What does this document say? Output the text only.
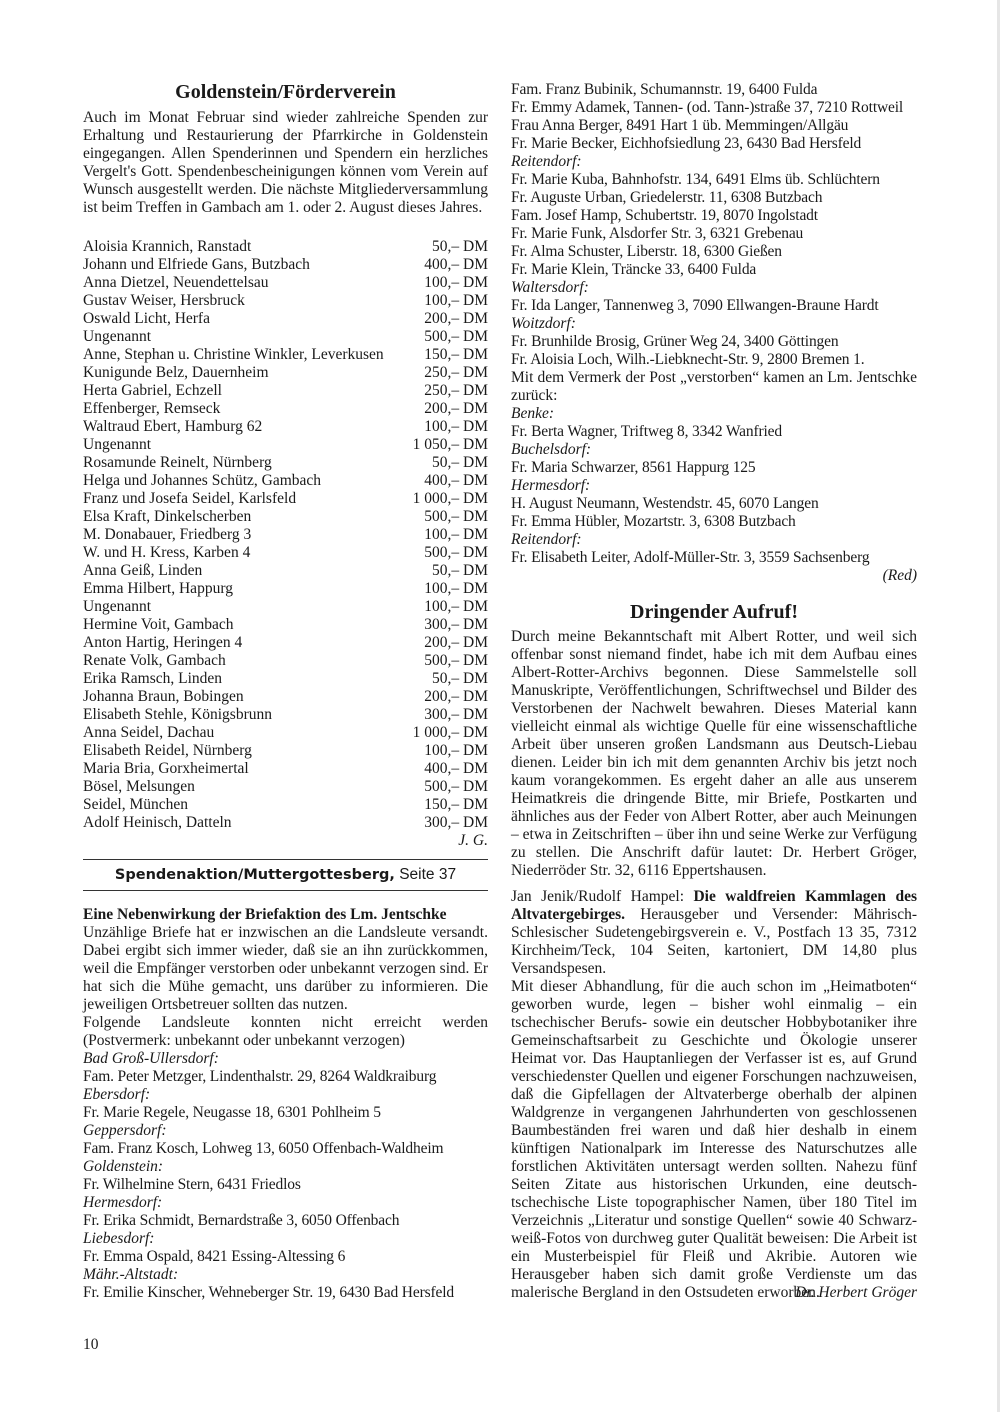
Goldenstein/Förderverein

Auch im Monat Februar sind wieder zahlreiche Spenden zur Erhaltung und Restaurierung der Pfarrkirche in Goldenstein eingegangen. Allen Spenderinnen und Spendern ein herzliches Vergelt's Gott. Spendenbescheinigungen können vom Verein auf Wunsch ausgestellt werden. Die nächste Mitgliederversammlung ist beim Treffen in Gambach am 1. oder 2. August dieses Jahres.

Aloisia Krannich, Ranstadt	50,– DM
Johann und Elfriede Gans, Butzbach	400,– DM
Anna Dietzel, Neuendettelsau	100,– DM
Gustav Weiser, Hersbruck	100,– DM
Oswald Licht, Herfa	200,– DM
Ungenannt	500,– DM
Anne, Stephan u. Christine Winkler, Leverkusen	150,– DM
Kunigunde Belz, Dauernheim	250,– DM
Herta Gabriel, Echzell	250,– DM
Effenberger, Remseck	200,– DM
Waltraud Ebert, Hamburg 62	100,– DM
Ungenannt	1 050,– DM
Rosamunde Reinelt, Nürnberg	50,– DM
Helga und Johannes Schütz, Gambach	400,– DM
Franz und Josefa Seidel, Karlsfeld	1 000,– DM
Elsa Kraft, Dinkelscherben	500,– DM
M. Donabauer, Friedberg 3	100,– DM
W. und H. Kress, Karben 4	500,– DM
Anna Geiß, Linden	50,– DM
Emma Hilbert, Happurg	100,– DM
Ungenannt	100,– DM
Hermine Voit, Gambach	300,– DM
Anton Hartig, Heringen 4	200,– DM
Renate Volk, Gambach	500,– DM
Erika Ramsch, Linden	50,– DM
Johanna Braun, Bobingen	200,– DM
Elisabeth Stehle, Königsbrunn	300,– DM
Anna Seidel, Dachau	1 000,– DM
Elisabeth Reidel, Nürnberg	100,– DM
Maria Bria, Gorxheimertal	400,– DM
Bösel, Melsungen	500,– DM
Seidel, München	150,– DM
Adolf Heinisch, Datteln	300,– DM
J. G.
Spendenaktion/Muttergottesberg, Seite 37
Eine Nebenwirkung der Briefaktion des Lm. Jentschke

Unzählige Briefe hat er inzwischen an die Landsleute versandt. Dabei ergibt sich immer wieder, daß sie an ihn zurückkommen, weil die Empfänger verstorben oder unbekannt verzogen sind. Er hat sich die Mühe gemacht, uns darüber zu informieren. Die jeweiligen Ortsbetreuer sollten das nutzen.

Folgende Landsleute konnten nicht erreicht werden (Postvermerk: unbekannt oder unbekannt verzogen)

Bad Groß-Ullersdorf:
Fam. Peter Metzger, Lindenthalstr. 29, 8264 Waldkraiburg
Ebersdorf:
Fr. Marie Regele, Neugasse 18, 6301 Pohlheim 5
Geppersdorf:
Fam. Franz Kosch, Lohweg 13, 6050 Offenbach-Waldheim
Goldenstein:
Fr. Wilhelmine Stern, 6431 Friedlos
Hermesdorf:
Fr. Erika Schmidt, Bernardstraße 3, 6050 Offenbach
Liebesdorf:
Fr. Emma Ospald, 8421 Essing-Altessing 6
Mähr.-Altstadt:
Fr. Emilie Kinscher, Wehneberger Str. 19, 6430 Bad Hersfeld
Fam. Franz Bubinik, Schumannstr. 19, 6400 Fulda
Fr. Emmy Adamek, Tannen- (od. Tann-)straße 37, 7210 Rottweil
Frau Anna Berger, 8491 Hart 1 üb. Memmingen/Allgäu
Fr. Marie Becker, Eichhofsiedlung 23, 6430 Bad Hersfeld
Reitendorf:
Fr. Marie Kuba, Bahnhofstr. 134, 6491 Elms üb. Schlüchtern
Fr. Auguste Urban, Griedelerstr. 11, 6308 Butzbach
Fam. Josef Hamp, Schubertstr. 19, 8070 Ingolstadt
Fr. Marie Funk, Alsdorfer Str. 3, 6321 Grebenau
Fr. Alma Schuster, Liberstr. 18, 6300 Gießen
Fr. Marie Klein, Träncke 33, 6400 Fulda
Waltersdorf:
Fr. Ida Langer, Tannenweg 3, 7090 Ellwangen-Braune Hardt
Woitzdorf:
Fr. Brunhilde Brosig, Grüner Weg 24, 3400 Göttingen
Fr. Aloisia Loch, Wilh.-Liebknecht-Str. 9, 2800 Bremen 1.
Mit dem Vermerk der Post „verstorben“ kamen an Lm. Jentschke zurück:
Benke:
Fr. Berta Wagner, Triftweg 8, 3342 Wanfried
Buchelsdorf:
Fr. Maria Schwarzer, 8561 Happurg 125
Hermesdorf:
H. August Neumann, Westendstr. 45, 6070 Langen
Fr. Emma Hübler, Mozartstr. 3, 6308 Butzbach
Reitendorf:
Fr. Elisabeth Leiter, Adolf-Müller-Str. 3, 3559 Sachsenberg
(Red)
Dringender Aufruf!

Durch meine Bekanntschaft mit Albert Rotter, und weil sich offenbar sonst niemand findet, habe ich mit dem Aufbau eines Albert-Rotter-Archivs begonnen. Diese Sammelstelle soll Manuskripte, Veröffentlichungen, Schriftwechsel und Bilder des Verstorbenen der Nachwelt bewahren. Dieses Material kann vielleicht einmal als wichtige Quelle für eine wissenschaftliche Arbeit über unseren großen Landsmann aus Deutsch-Liebau dienen. Leider bin ich mit dem genannten Archiv bis jetzt noch kaum vorangekommen. Es ergeht daher an alle aus unserem Heimatkreis die dringende Bitte, mir Briefe, Postkarten und ähnliches aus der Feder von Albert Rotter, aber auch Meinungen – etwa in Zeitschriften – über ihn und seine Werke zur Verfügung zu stellen. Die Anschrift dafür lautet: Dr. Herbert Gröger, Niederröder Str. 32, 6116 Eppertshausen.

Jan Jenik/Rudolf Hampel: Die waldfreien Kammlagen des Altvatergebirges. Herausgeber und Versender: Mährisch-Schlesischer Sudetengebirgsverein e. V., Postfach 13 35, 7312 Kirchheim/Teck, 104 Seiten, kartoniert, DM 14,80 plus Versandspesen.

Mit dieser Abhandlung, für die auch schon im „Heimatboten“ geworben wurde, legen – bisher wohl einmalig – ein tschechischer Berufs- sowie ein deutscher Hobbybotaniker ihre Gemeinschaftsarbeit zu Geschichte und Ökologie unserer Heimat vor. Das Hauptanliegen der Verfasser ist es, auf Grund verschiedenster Quellen und eigener Forschungen nachzuweisen, daß die Gipfellagen der Altvaterberge oberhalb der alpinen Waldgrenze in vergangenen Jahrhunderten von geschlossenen Baumbeständen frei waren und daß hier deshalb in einem künftigen Nationalpark im Interesse des Naturschutzes alle forstlichen Aktivitäten untersagt werden sollten. Nahezu fünf Seiten Zitate aus historischen Urkunden, eine deutsch-tschechische Liste topographischer Namen, über 180 Titel im Verzeichnis „Literatur und sonstige Quellen“ sowie 40 Schwarz-weiß-Fotos von durchweg guter Qualität beweisen: Die Arbeit ist ein Musterbeispiel für Fleiß und Akribie. Autoren wie Herausgeber haben sich damit große Verdienste um das malerische Bergland in den Ostsudeten erworben.

Dr. Herbert Gröger
10
